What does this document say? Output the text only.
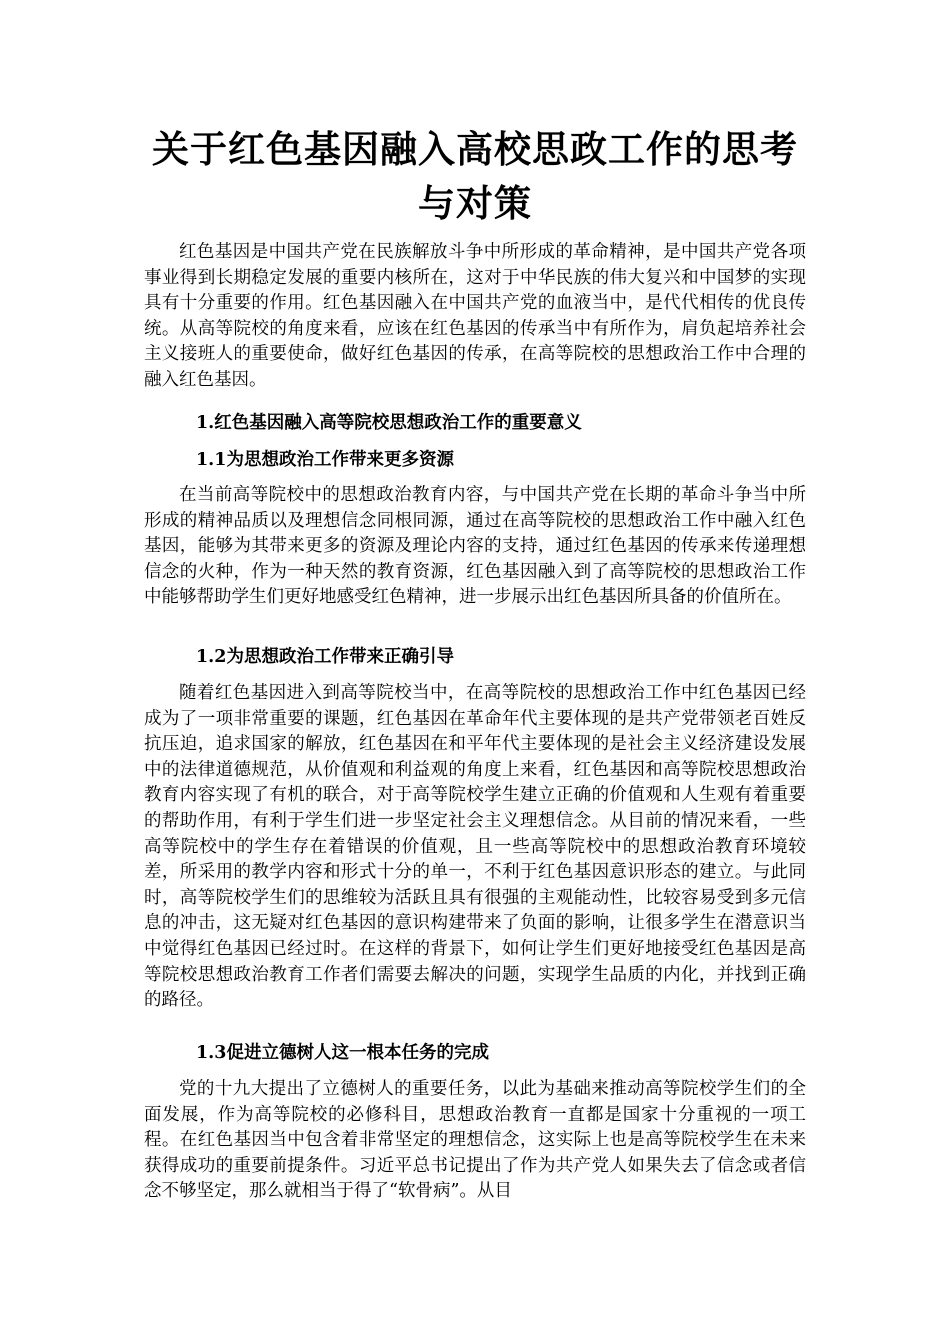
关于红色基因融入高校思政工作的思考与对策

红色基因是中国共产党在民族解放斗争中所形成的革命精神，是中国共产党各项事业得到长期稳定发展的重要内核所在，这对于中华民族的伟大复兴和中国梦的实现具有十分重要的作用。红色基因融入在中国共产党的血液当中，是代代相传的优良传统。从高等院校的角度来看，应该在红色基因的传承当中有所作为，肩负起培养社会主义接班人的重要使命，做好红色基因的传承，在高等院校的思想政治工作中合理的融入红色基因。

1.红色基因融入高等院校思想政治工作的重要意义
1.1为思想政治工作带来更多资源

在当前高等院校中的思想政治教育内容，与中国共产党在长期的革命斗争当中所形成的精神品质以及理想信念同根同源，通过在高等院校的思想政治工作中融入红色基因，能够为其带来更多的资源及理论内容的支持，通过红色基因的传承来传递理想信念的火种，作为一种天然的教育资源，红色基因融入到了高等院校的思想政治工作中能够帮助学生们更好地感受红色精神，进一步展示出红色基因所具备的价值所在。

1.2为思想政治工作带来正确引导

随着红色基因进入到高等院校当中，在高等院校的思想政治工作中红色基因已经成为了一项非常重要的课题，红色基因在革命年代主要体现的是共产党带领老百姓反抗压迫，追求国家的解放，红色基因在和平年代主要体现的是社会主义经济建设发展中的法律道德规范，从价值观和利益观的角度上来看，红色基因和高等院校思想政治教育内容实现了有机的联合，对于高等院校学生建立正确的价值观和人生观有着重要的帮助作用，有利于学生们进一步坚定社会主义理想信念。从目前的情况来看，一些高等院校中的学生存在着错误的价值观，且一些高等院校中的思想政治教育环境较差，所采用的教学内容和形式十分的单一，不利于红色基因意识形态的建立。与此同时，高等院校学生们的思维较为活跃且具有很强的主观能动性，比较容易受到多元信息的冲击，这无疑对红色基因的意识构建带来了负面的影响，让很多学生在潜意识当中觉得红色基因已经过时。在这样的背景下，如何让学生们更好地接受红色基因是高等院校思想政治教育工作者们需要去解决的问题，实现学生品质的内化，并找到正确的路径。

1.3促进立德树人这一根本任务的完成

党的十九大提出了立德树人的重要任务，以此为基础来推动高等院校学生们的全面发展，作为高等院校的必修科目，思想政治教育一直都是国家十分重视的一项工程。在红色基因当中包含着非常坚定的理想信念，这实际上也是高等院校学生在未来获得成功的重要前提条件。习近平总书记提出了作为共产党人如果失去了信念或者信念不够坚定，那么就相当于得了“软骨病”。从目
